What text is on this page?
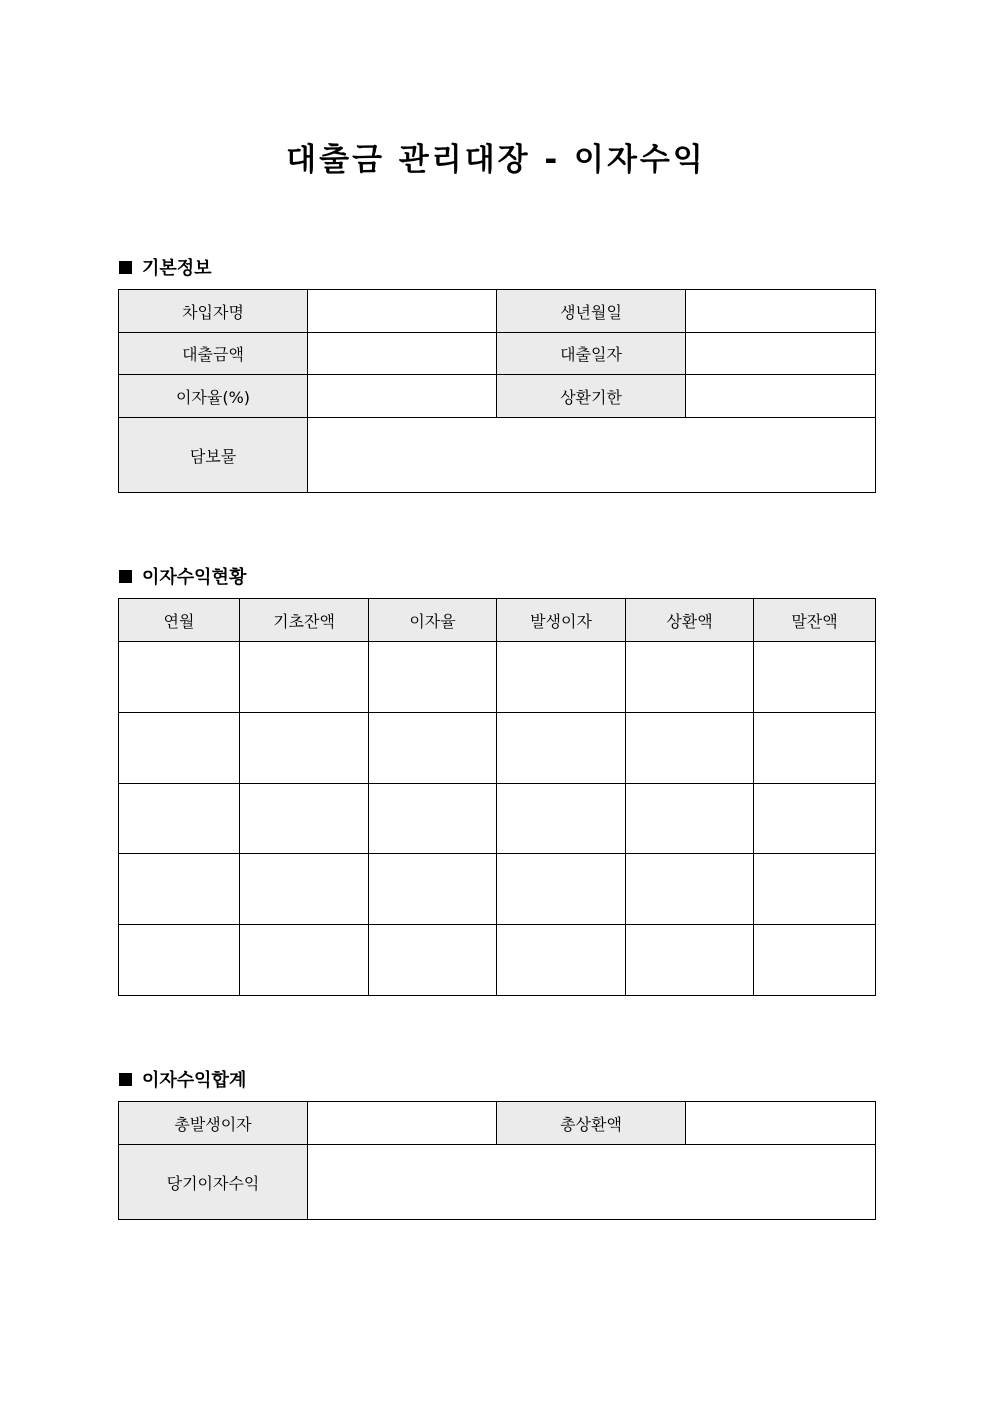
대출금 관리대장 - 이자수익
기본정보
차입자명		생년월일	
대출금액		대출일자	
이자율(%)		상환기한	
담보물			
이자수익현황
연월	기초잔액	이자율	발생이자	상환액	말잔액

이자수익합계
총발생이자		총상환액	
당기이자수익			
